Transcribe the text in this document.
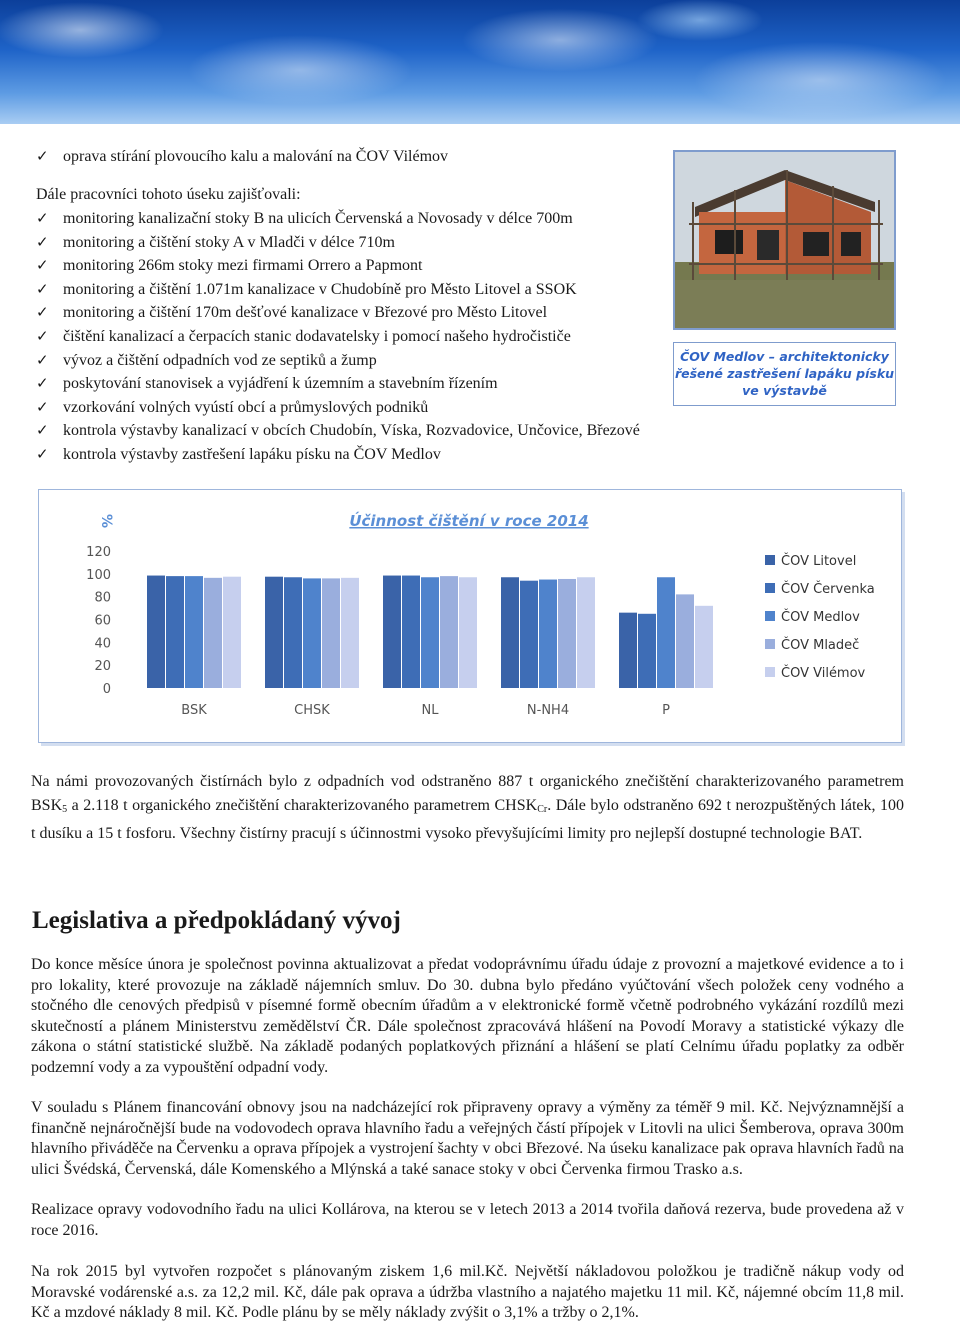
✓ oprava stírání plovoucího kalu a malování na ČOV Vilémov
Dále pracovníci tohoto úseku zajišťovali:
✓ monitoring kanalizační stoky B na ulicích Červenská a Novosady v délce 700m
✓ monitoring a čištění stoky A v Mladči v délce 710m
✓ monitoring 266m stoky mezi firmami Orrero a Papmont
✓ monitoring a čištění 1.071m kanalizace v Chudobíně pro Město Litovel a SSOK
✓ monitoring a čištění 170m dešťové kanalizace v Březové pro Město Litovel
✓ čištění kanalizací a čerpacích stanic dodavatelsky i pomocí našeho hydročističe
✓ vývoz a čištění odpadních vod ze septiků a žump
✓ poskytování stanovisek a vyjádření k územním a stavebním řízením
✓ vzorkování volných vyústí obcí a průmyslových podniků
✓ kontrola výstavby kanalizací v obcích Chudobín, Víska, Rozvadovice, Unčovice, Březové
✓ kontrola výstavby zastřešení lapáku písku na ČOV Medlov
ČOV Medlov – architektonicky řešené zastřešení lapáku písku ve výstavbě
Účinnost čištění v roce 2014
%
0
20
40
60
80
100
120
BSK	CHSK	NL	N-NH4	P
ČOV Litovel
ČOV Červenka
ČOV Medlov
ČOV Mladeč
ČOV Vilémov

Na námi provozovaných čistírnách bylo z odpadních vod odstraněno 887 t organického znečištění charakterizovaného parametrem $BSK_5$ a 2.118 t organického znečištění charakterizovaného parametrem $CHSK_{Cr}$. Dále bylo odstraněno 692 t nerozpuštěných látek, 100 t dusíku a 15 t fosforu. Všechny čistírny pracují s účinnostmi vysoko převyšujícími limity pro nejlepší dostupné technologie BAT.

Legislativa a předpokládaný vývoj

Do konce měsíce února je společnost povinna aktualizovat a předat vodoprávnímu úřadu údaje z provozní a majetkové evidence a to i pro lokality, které provozuje na základě nájemních smluv. Do 30. dubna bylo předáno vyúčtování všech položek ceny vodného a stočného dle cenových předpisů v písemné formě obecním úřadům a v elektronické formě včetně podrobného vykázání rozdílů mezi skutečností a plánem Ministerstvu zemědělství ČR. Dále společnost zpracovává hlášení na Povodí Moravy a statistické výkazy dle zákona o státní statistické službě. Na základě podaných poplatkových přiznání a hlášení se platí Celnímu úřadu poplatky za odběr podzemní vody a za vypouštění odpadní vody.

V souladu s Plánem financování obnovy jsou na nadcházející rok připraveny opravy a výměny za téměř 9 mil. Kč. Nejvýznamnější a finančně nejnáročnější bude na vodovodech oprava hlavního řadu a veřejných částí přípojek v Litovli na ulici Šemberova, oprava 300m hlavního přiváděče na Červenku a oprava přípojek a vystrojení šachty v obci Březové. Na úseku kanalizace pak oprava hlavních řadů na ulici Švédská, Červenská, dále Komenského a Mlýnská a také sanace stoky v obci Červenka firmou Trasko a.s.

Realizace opravy vodovodního řadu na ulici Kollárova, na kterou se v letech 2013 a 2014 tvořila daňová rezerva, bude provedena až v roce 2016.

Na rok 2015 byl vytvořen rozpočet s plánovaným ziskem 1,6 mil.Kč. Největší nákladovou položkou je tradičně nákup vody od Moravské vodárenské a.s. za 12,2 mil. Kč, dále pak oprava a údržba vlastního a najatého majetku 11 mil. Kč, nájemné obcím 11,8 mil. Kč a mzdové náklady 8 mil. Kč. Podle plánu by se měly náklady zvýšit o 3,1% a tržby o 2,1%.
